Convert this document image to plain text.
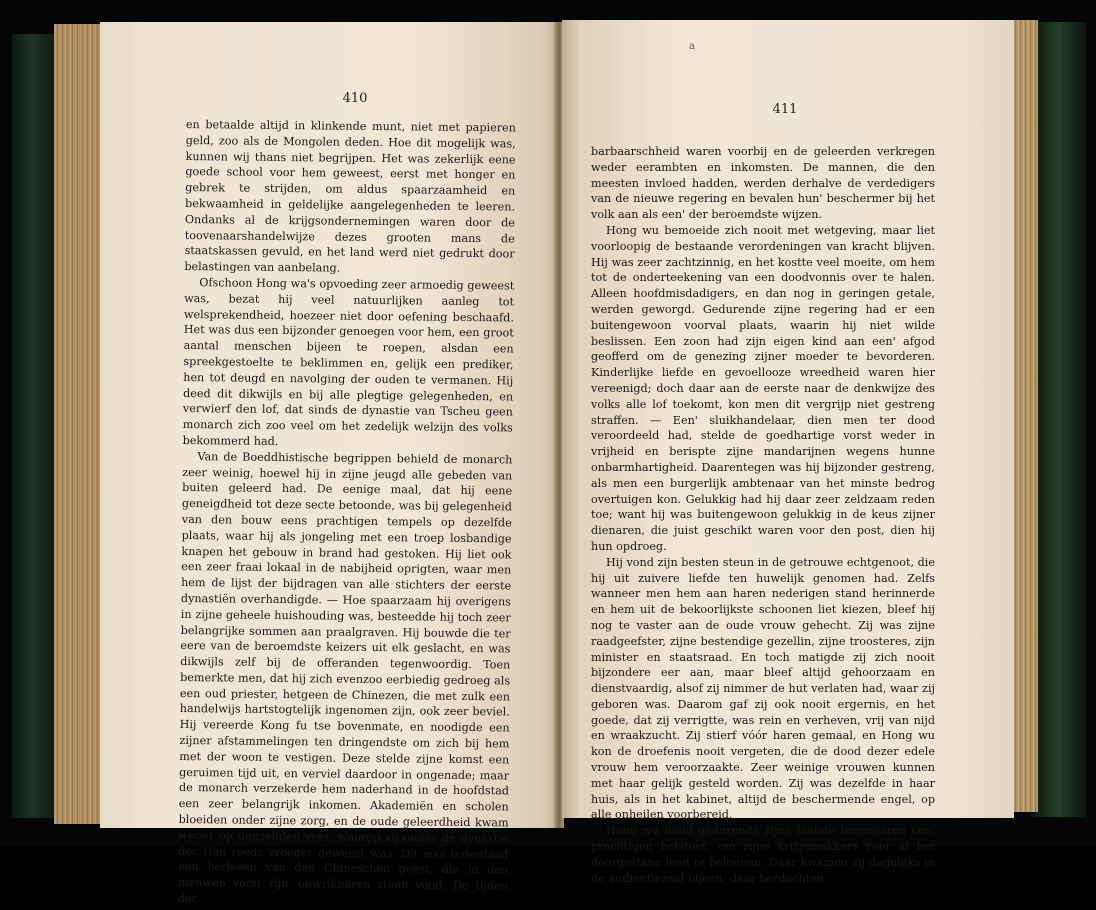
410

en betaalde altijd in klinkende munt, niet met papieren geld, zoo als de Mongolen deden. Hoe dit mogelijk was, kunnen wij thans niet begrijpen. Het was zekerlijk eene goede school voor hem geweest, eerst met honger en gebrek te strijden, om aldus spaarzaamheid en bekwaamheid in geldelijke aangelegenheden te leeren. Ondanks al de krijgsondernemingen waren door de toovenaarshandelwijze dezes grooten mans de staatskassen gevuld, en het land werd niet gedrukt door belastingen van aanbelang.

Ofschoon Hong wa's opvoeding zeer armoedig geweest was, bezat hij veel natuurlijken aanleg tot welsprekendheid, hoezeer niet door oefening beschaafd. Het was dus een bijzonder genoegen voor hem, een groot aantal menschen bijeen te roepen, alsdan een spreekgestoelte te beklimmen en, gelijk een prediker, hen tot deugd en navolging der ouden te vermanen. Hij deed dit dikwijls en bij alle plegtige gelegenheden, en verwierf den lof, dat sinds de dynastie van Tscheu geen monarch zich zoo veel om het zedelijk welzijn des volks bekommerd had.

Van de Boeddhistische begrippen behield de monarch zeer weinig, hoewel hij in zijne jeugd alle gebeden van buiten geleerd had. De eenige maal, dat hij eene geneigdheid tot deze secte betoonde, was bij gelegenheid van den bouw eens prachtigen tempels op dezelfde plaats, waar hij als jongeling met een troep losbandige knapen het gebouw in brand had gestoken. Hij liet ook een zeer fraai lokaal in de nabijheid oprigten, waar men hem de lijst der bijdragen van alle stichters der eerste dynastiën overhandigde. — Hoe spaarzaam hij overigens in zijne geheele huishouding was, besteedde hij toch zeer belangrijke sommen aan praalgraven. Hij bouwde die ter eere van de beroemdste keizers uit elk geslacht, en was dikwijls zelf bij de offeranden tegenwoordig. Toen bemerkte men, dat hij zich evenzoo eerbiedig gedroeg als een oud priester, hetgeen de Chinezen, die met zulk een handelwijs hartstogtelijk ingenomen zijn, ook zeer beviel. Hij vereerde Kong fu tse bovenmate, en noodigde een zijner afstammelingen ten dringendste om zich bij hem met der woon te vestigen. Deze stelde zijne komst een geruimen tijd uit, en verviel daardoor in ongenade; maar de monarch verzekerde hem naderhand in de hoofdstad een zeer belangrijk inkomen. Akademiën en scholen bloeiden onder zijne zorg, en de oude geleerdheid kwam weder op denzelfden voet, waarop zij onder de dynastie der Han reeds vroeger geweest was. Dit was inderdaad een herleven van den Chineschen geest, die in den nieuwen vorst zijn' onwrikbaren steun vond. De tijden der

a
411

barbaarschheid waren voorbij en de geleerden verkregen weder eerambten en inkomsten. De mannen, die den meesten invloed hadden, werden derhalve de verdedigers van de nieuwe regering en bevalen hun' beschermer bij het volk aan als een' der beroemdste wijzen.

Hong wu bemoeide zich nooit met wetgeving, maar liet voorloopig de bestaande verordeningen van kracht blijven. Hij was zeer zachtzinnig, en het kostte veel moeite, om hem tot de onderteekening van een doodvonnis over te halen. Alleen hoofdmisdadigers, en dan nog in geringen getale, werden geworgd. Gedurende zijne regering had er een buitengewoon voorval plaats, waarin hij niet wilde beslissen. Een zoon had zijn eigen kind aan een' afgod geofferd om de genezing zijner moeder te bevorderen. Kinderlijke liefde en gevoellooze wreedheid waren hier vereenigd; doch daar aan de eerste naar de denkwijze des volks alle lof toekomt, kon men dit vergrijp niet gestreng straffen. — Een' sluikhandelaar, dien men ter dood veroordeeld had, stelde de goedhartige vorst weder in vrijheid en berispte zijne mandarijnen wegens hunne onbarmhartigheid. Daarentegen was hij bijzonder gestreng, als men een burgerlijk ambtenaar van het minste bedrog overtuigen kon. Gelukkig had hij daar zeer zeldzaam reden toe; want hij was buitengewoon gelukkig in de keus zijner dienaren, die juist geschikt waren voor den post, dien hij hun opdroeg.

Hij vond zijn besten steun in de getrouwe echtgenoot, die hij uit zuivere liefde ten huwelijk genomen had. Zelfs wanneer men hem aan haren nederigen stand herinnerde en hem uit de bekoorlijkste schoonen liet kiezen, bleef hij nog te vaster aan de oude vrouw gehecht. Zij was zijne raadgeefster, zijne bestendige gezellin, zijne troosteres, zijn minister en staatsraad. En toch matigde zij zich nooit bijzondere eer aan, maar bleef altijd gehoorzaam en dienstvaardig, alsof zij nimmer de hut verlaten had, waar zij geboren was. Daarom gaf zij ook nooit ergernis, en het goede, dat zij verrigtte, was rein en verheven, vrij van nijd en wraakzucht. Zij stierf vóór haren gemaal, en Hong wu kon de droefenis nooit vergeten, die de dood dezer edele vrouw hem veroorzaakte. Zeer weinige vrouwen kunnen met haar gelijk gesteld worden. Zij was dezelfde in haar huis, als in het kabinet, altijd de beschermende engel, op alle onheilen voorbereid.

Hong wu hield gedurende zijne laatste levensjaren een' prachtigen hofstoet, om zijne krijgsmakkers voor al het doorgestane leed te beloonen. Daar kwamen zij dagelijks in de audientiezaal bijeen; daar herdachten
